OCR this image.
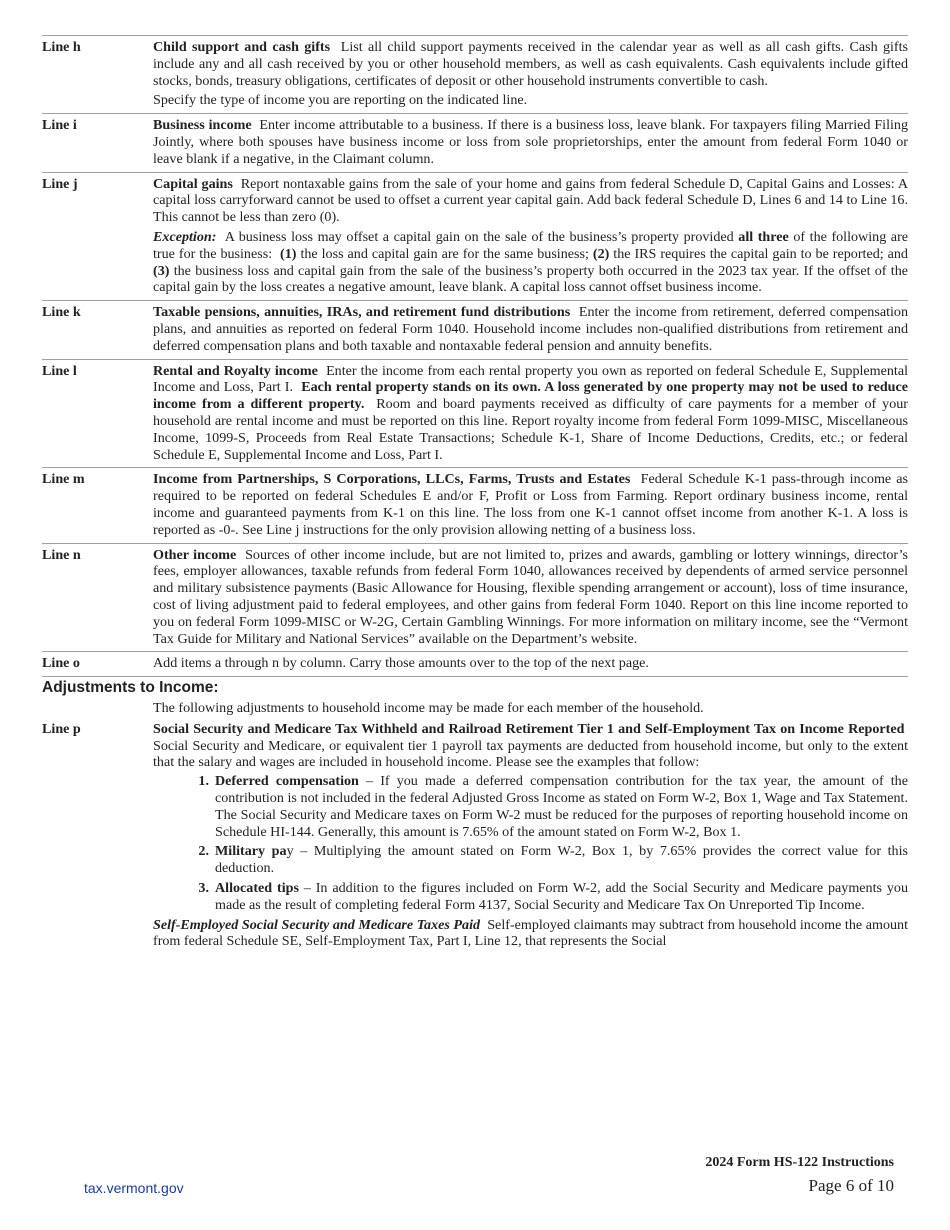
Line h	Child support and cash gifts List all child support payments received in the calendar year as well as all cash gifts. Cash gifts include any and all cash received by you or other household members, as well as cash equivalents. Cash equivalents include gifted stocks, bonds, treasury obligations, certificates of deposit or other household instruments convertible to cash.

Specify the type of income you are reporting on the indicated line.

Line i	Business income Enter income attributable to a business. If there is a business loss, leave blank. For taxpayers filing Married Filing Jointly, where both spouses have business income or loss from sole proprietorships, enter the amount from federal Form 1040 or leave blank if a negative, in the Claimant column.

Line j	Capital gains Report nontaxable gains from the sale of your home and gains from federal Schedule D, Capital Gains and Losses: A capital loss carryforward cannot be used to offset a current year capital gain. Add back federal Schedule D, Lines 6 and 14 to Line 16. This cannot be less than zero (0).

Exception: A business loss may offset a capital gain on the sale of the business’s property provided all three of the following are true for the business: (1) the loss and capital gain are for the same business; (2) the IRS requires the capital gain to be reported; and (3) the business loss and capital gain from the sale of the business’s property both occurred in the 2023 tax year. If the offset of the capital gain by the loss creates a negative amount, leave blank. A capital loss cannot offset business income.

Line k	Taxable pensions, annuities, IRAs, and retirement fund distributions Enter the income from retirement, deferred compensation plans, and annuities as reported on federal Form 1040. Household income includes non-qualified distributions from retirement and deferred compensation plans and both taxable and nontaxable federal pension and annuity benefits.

Line l	Rental and Royalty income Enter the income from each rental property you own as reported on federal Schedule E, Supplemental Income and Loss, Part I. Each rental property stands on its own. A loss generated by one property may not be used to reduce income from a different property. Room and board payments received as difficulty of care payments for a member of your household are rental income and must be reported on this line. Report royalty income from federal Form 1099-MISC, Miscellaneous Income, 1099-S, Proceeds from Real Estate Transactions; Schedule K-1, Share of Income Deductions, Credits, etc.; or federal Schedule E, Supplemental Income and Loss, Part I.

Line m	Income from Partnerships, S Corporations, LLCs, Farms, Trusts and Estates Federal Schedule K-1 pass-through income as required to be reported on federal Schedules E and/or F, Profit or Loss from Farming. Report ordinary business income, rental income and guaranteed payments from K-1 on this line. The loss from one K-1 cannot offset income from another K-1. A loss is reported as -0-. See Line j instructions for the only provision allowing netting of a business loss.

Line n	Other income Sources of other income include, but are not limited to, prizes and awards, gambling or lottery winnings, director’s fees, employer allowances, taxable refunds from federal Form 1040, allowances received by dependents of armed service personnel and military subsistence payments (Basic Allowance for Housing, flexible spending arrangement or account), loss of time insurance, cost of living adjustment paid to federal employees, and other gains from federal Form 1040. Report on this line income reported to you on federal Form 1099-MISC or W-2G, Certain Gambling Winnings. For more information on military income, see the “Vermont Tax Guide for Military and National Services” available on the Department’s website.

Line o	Add items a through n by column. Carry those amounts over to the top of the next page.

Adjustments to Income:
The following adjustments to household income may be made for each member of the household.
Line p	Social Security and Medicare Tax Withheld and Railroad Retirement Tier 1 and Self-Employment Tax on Income Reported  Social Security and Medicare, or equivalent tier 1 payroll tax payments are deducted from household income, but only to the extent that the salary and wages are included in household income. Please see the examples that follow:

1. Deferred compensation – If you made a deferred compensation contribution for the tax year, the amount of the contribution is not included in the federal Adjusted Gross Income as stated on Form W-2, Box 1, Wage and Tax Statement. The Social Security and Medicare taxes on Form W-2 must be reduced for the purposes of reporting household income on Schedule HI-144. Generally, this amount is 7.65% of the amount stated on Form W-2, Box 1.
2. Military pay – Multiplying the amount stated on Form W-2, Box 1, by 7.65% provides the correct value for this deduction.
3. Allocated tips – In addition to the figures included on Form W-2, add the Social Security and Medicare payments you made as the result of completing federal Form 4137, Social Security and Medicare Tax On Unreported Tip Income.

Self-Employed Social Security and Medicare Taxes Paid Self-employed claimants may subtract from household income the amount from federal Schedule SE, Self-Employment Tax, Part I, Line 12, that represents the Social

2024 Form HS-122 Instructions
Page 6 of 10
tax.vermont.gov
